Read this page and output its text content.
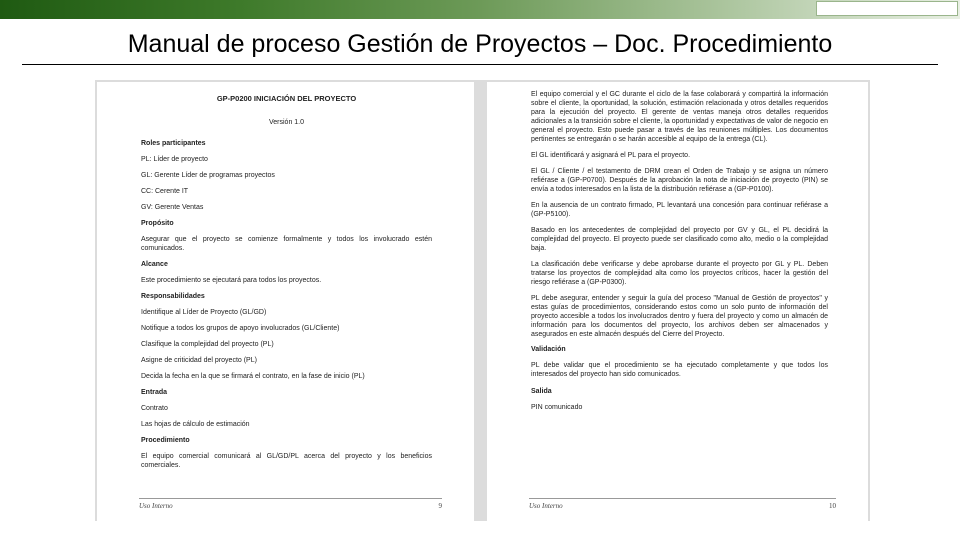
Manual de proceso Gestión de Proyectos – Doc. Procedimiento
GP-P0200 INICIACIÓN DEL PROYECTO
Versión 1.0
Roles participantes
PL: Líder de proyecto
GL: Gerente Líder de programas proyectos
CC: Cerente IT
GV: Gerente Ventas
Propósito
Asegurar que el proyecto se comienze formalmente y todos los involucrado estén comunicados.
Alcance
Este procedimiento se ejecutará para todos los proyectos.
Responsabilidades
Identifique al Líder de Proyecto (GL/GD)
Notifique a todos los grupos de apoyo involucrados (GL/Cliente)
Clasifique la complejidad del proyecto (PL)
Asigne de criticidad del proyecto (PL)
Decida la fecha en la que se firmará el contrato, en la fase de inicio (PL)
Entrada
Contrato
Las hojas de cálculo de estimación
Procedimiento
El equipo comercial comunicará al GL/GD/PL acerca del proyecto y los beneficios comerciales.
Uso Interno	9
El equipo comercial y el GC durante el ciclo de la fase colaborará y compartirá la información sobre el cliente, la oportunidad, la solución, estimación relacionada y otros detalles requeridos para la ejecución del proyecto. El gerente de ventas maneja otros detalles requeridos adicionales a la transición sobre el cliente, la oportunidad y expectativas de valor de negocio en general el proyecto. Esto puede pasar a través de las reuniones múltiples. Los documentos pertinentes se entregarán o se harán accesible al equipo de la entrega (CL).
El GL identificará y asignará el PL para el proyecto.
El GL / Cliente / el testamento de DRM crean el Orden de Trabajo y se asigna un número refiérase a (GP-P0700). Después de la aprobación la nota de iniciación de proyecto (PIN) se envía a todos interesados en la lista de la distribución refiérase a (GP-P0100).
En la ausencia de un contrato firmado, PL levantará una concesión para continuar refiérase a (GP-P5100).
Basado en los antecedentes de complejidad del proyecto por GV y GL, el PL decidirá la complejidad del proyecto. El proyecto puede ser clasificado como alto, medio o la complejidad baja.
La clasificación debe verificarse y debe aprobarse durante el proyecto por GL y PL. Deben tratarse los proyectos de complejidad alta como los proyectos críticos, hacer la gestión del riesgo refiérase a (GP-P0300).
PL debe asegurar, entender y seguir la guía del proceso "Manual de Gestión de proyectos" y estas guías de procedimientos, considerando estos como un solo punto de información del proyecto accesible a todos los involucrados dentro y fuera del proyecto y como un almacén de información para los documentos del proyecto, los archivos deben ser almacenados y asegurados en este almacén después del Cierre del Proyecto.
Validación
PL debe validar que el procedimiento se ha ejecutado completamente y que todos los interesados del proyecto han sido comunicados.
Salida
PIN comunicado
Uso Interno	10
